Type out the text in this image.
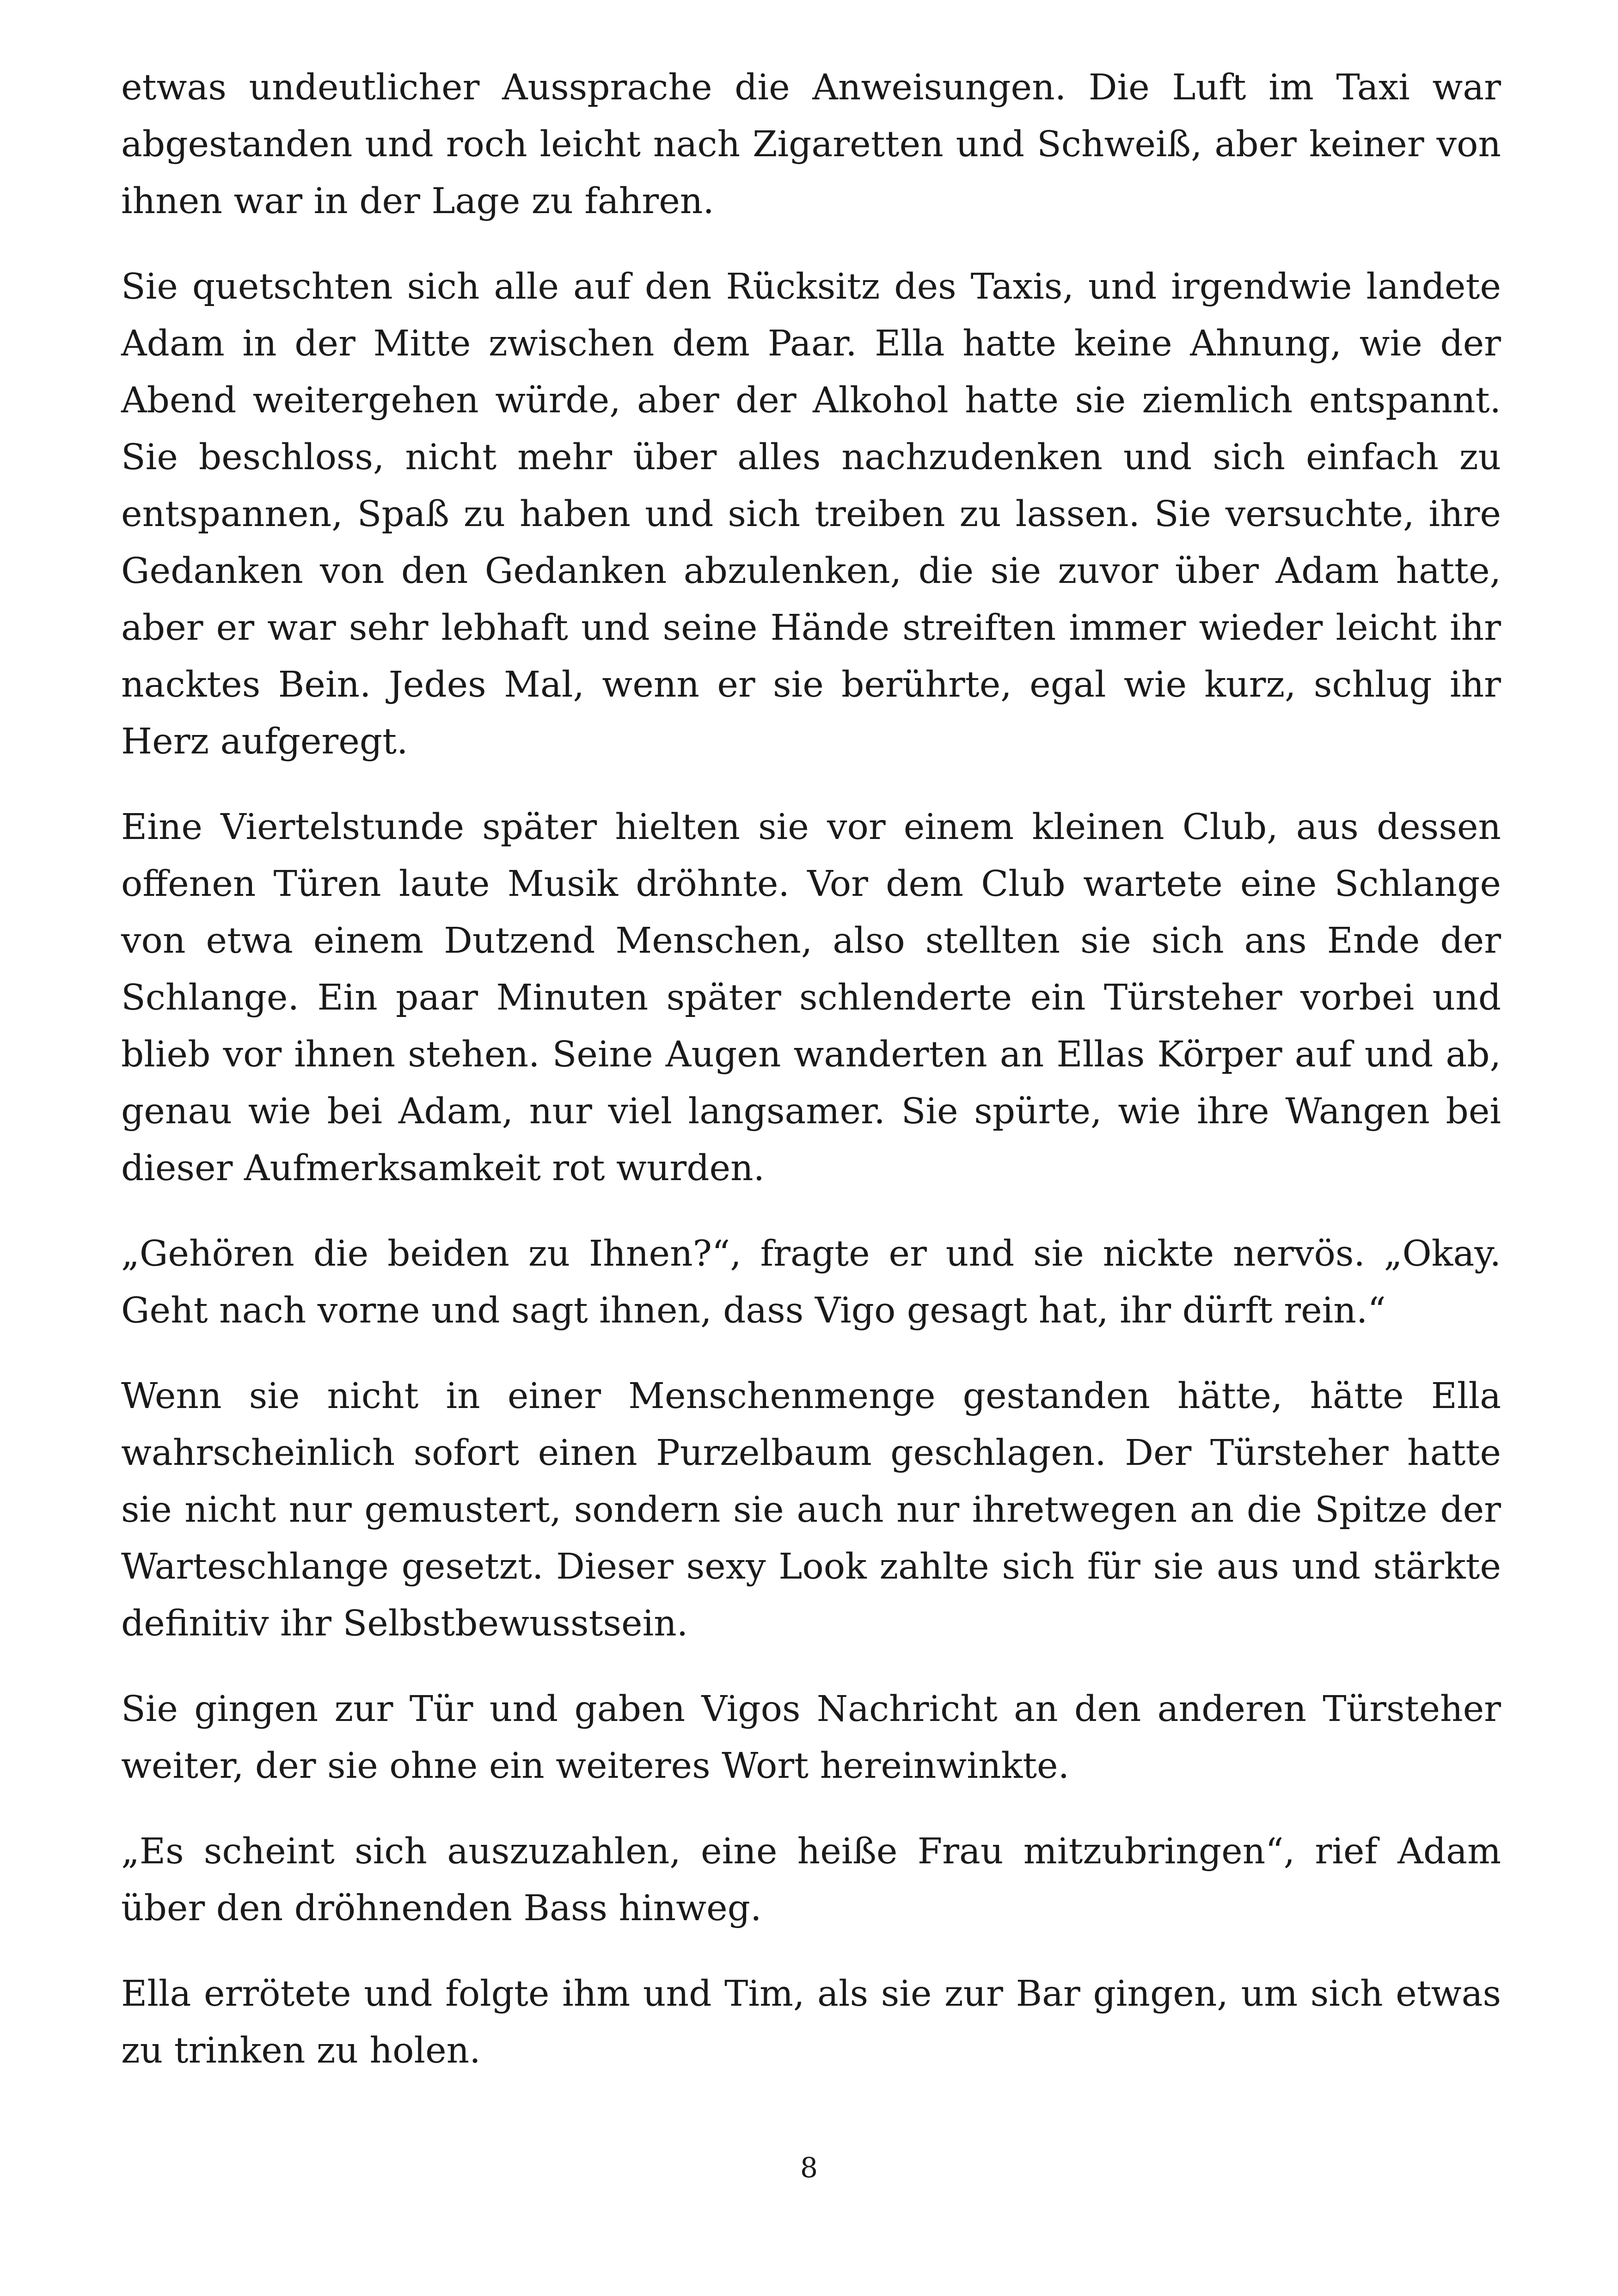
etwas undeutlicher Aussprache die Anweisungen. Die Luft im Taxi war abgestanden und roch leicht nach Zigaretten und Schweiß, aber keiner von ihnen war in der Lage zu fahren.

Sie quetschten sich alle auf den Rücksitz des Taxis, und irgendwie landete Adam in der Mitte zwischen dem Paar. Ella hatte keine Ahnung, wie der Abend weitergehen würde, aber der Alkohol hatte sie ziemlich entspannt. Sie beschloss, nicht mehr über alles nachzudenken und sich einfach zu entspannen, Spaß zu haben und sich treiben zu lassen. Sie versuchte, ihre Gedanken von den Gedanken abzulenken, die sie zuvor über Adam hatte, aber er war sehr lebhaft und seine Hände streiften immer wieder leicht ihr nacktes Bein. Jedes Mal, wenn er sie berührte, egal wie kurz, schlug ihr Herz aufgeregt.

Eine Viertelstunde später hielten sie vor einem kleinen Club, aus dessen offenen Türen laute Musik dröhnte. Vor dem Club wartete eine Schlange von etwa einem Dutzend Menschen, also stellten sie sich ans Ende der Schlange. Ein paar Minuten später schlenderte ein Türsteher vorbei und blieb vor ihnen stehen. Seine Augen wanderten an Ellas Körper auf und ab, genau wie bei Adam, nur viel langsamer. Sie spürte, wie ihre Wangen bei dieser Aufmerksamkeit rot wurden.

„Gehören die beiden zu Ihnen?“, fragte er und sie nickte nervös. „Okay. Geht nach vorne und sagt ihnen, dass Vigo gesagt hat, ihr dürft rein.“

Wenn sie nicht in einer Menschenmenge gestanden hätte, hätte Ella wahrscheinlich sofort einen Purzelbaum geschlagen. Der Türsteher hatte sie nicht nur gemustert, sondern sie auch nur ihretwegen an die Spitze der Warteschlange gesetzt. Dieser sexy Look zahlte sich für sie aus und stärkte definitiv ihr Selbstbewusstsein.

Sie gingen zur Tür und gaben Vigos Nachricht an den anderen Türsteher weiter, der sie ohne ein weiteres Wort hereinwinkte.

„Es scheint sich auszuzahlen, eine heiße Frau mitzubringen“, rief Adam über den dröhnenden Bass hinweg.

Ella errötete und folgte ihm und Tim, als sie zur Bar gingen, um sich etwas zu trinken zu holen.

8
